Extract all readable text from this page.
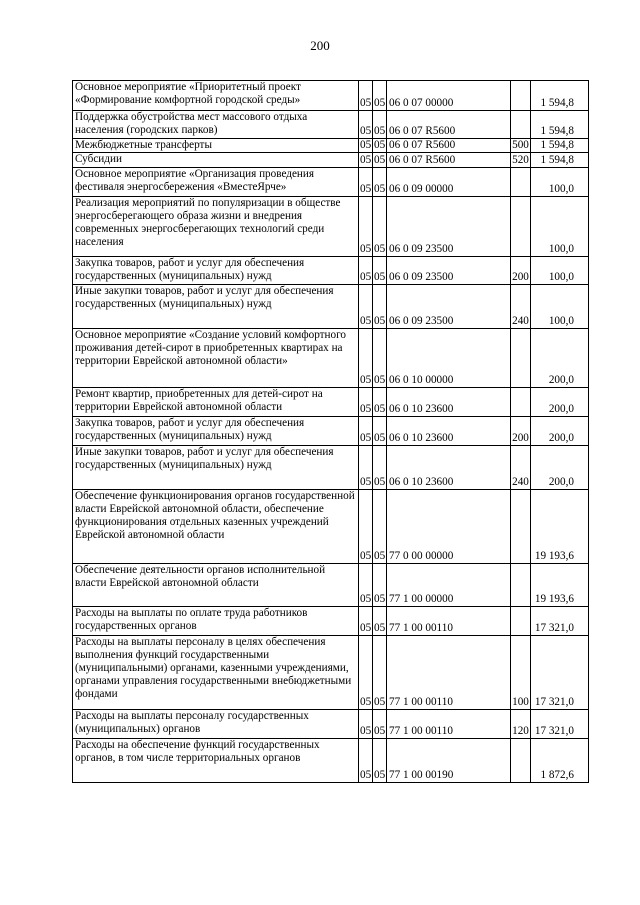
200
Основное мероприятие «Приоритетный проект «Формирование комфортной городской среды»	05	05	06 0 07 00000		1 594,8
Поддержка обустройства мест массового отдыха населения (городских парков)	05	05	06 0 07 R5600		1 594,8
Межбюджетные трансферты	05	05	06 0 07 R5600	500	1 594,8
Субсидии	05	05	06 0 07 R5600	520	1 594,8
Основное мероприятие «Организация проведения фестиваля энергосбережения «ВместеЯрче»	05	05	06 0 09 00000		100,0
Реализация мероприятий по популяризации в обществе энергосберегающего образа жизни и внедрения современных энергосберегающих технологий среди населения	05	05	06 0 09 23500		100,0
Закупка товаров, работ и услуг для обеспечения государственных (муниципальных) нужд	05	05	06 0 09 23500	200	100,0
Иные закупки товаров, работ и услуг для обеспечения государственных (муниципальных) нужд	05	05	06 0 09 23500	240	100,0
Основное мероприятие «Создание условий комфортного проживания детей-сирот в приобретенных квартирах на территории Еврейской автономной области»	05	05	06 0 10 00000		200,0
Ремонт квартир, приобретенных для детей-сирот на территории Еврейской автономной области	05	05	06 0 10 23600		200,0
Закупка товаров, работ и услуг для обеспечения государственных (муниципальных) нужд	05	05	06 0 10 23600	200	200,0
Иные закупки товаров, работ и услуг для обеспечения государственных (муниципальных) нужд	05	05	06 0 10 23600	240	200,0
Обеспечение функционирования органов государственной власти Еврейской автономной области, обеспечение функционирования отдельных казенных учреждений Еврейской автономной области	05	05	77 0 00 00000		19 193,6
Обеспечение деятельности органов исполнительной власти Еврейской автономной области	05	05	77 1 00 00000		19 193,6
Расходы на выплаты по оплате труда работников государственных органов	05	05	77 1 00 00110		17 321,0
Расходы на выплаты персоналу в целях обеспечения выполнения функций государственными (муниципальными) органами, казенными учреждениями, органами управления государственными внебюджетными фондами	05	05	77 1 00 00110	100	17 321,0
Расходы на выплаты персоналу государственных (муниципальных) органов	05	05	77 1 00 00110	120	17 321,0
Расходы на обеспечение функций государственных органов, в том числе территориальных органов	05	05	77 1 00 00190		1 872,6
